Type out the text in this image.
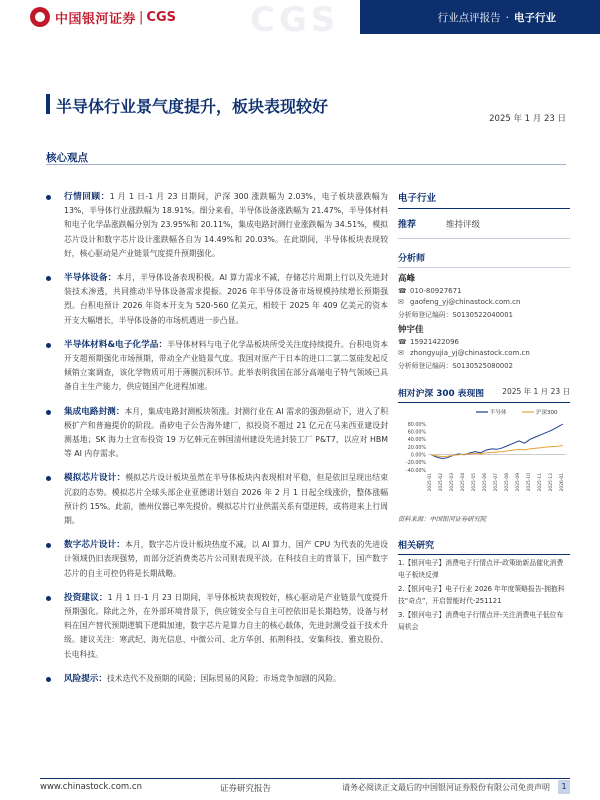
CGS
中国银河证券 | CGS	行业点评报告 · 电子行业
半导体行业景气度提升，板块表现较好
2025 年 1 月 23 日
核心观点
行情回顾：1 月 1 日-1 月 23 日期间，沪深 300 涨跌幅为 2.03%，电子板块涨跌幅为 13%，半导体行业涨跌幅为 18.91%。细分来看，半导体设备涨跌幅为 21.47%，半导体材料和电子化学品涨跌幅分别为 23.95%和 20.11%，集成电路封测行业涨跌幅为 34.51%，模拟芯片设计和数字芯片设计涨跌幅各自为 14.49%和 20.03%。在此期间，半导体板块表现较好，核心驱动是产业链景气度提升预期强化。
半导体设备：本月，半导体设备表现积极。AI 算力需求不减，存储芯片周期上行以及先进封装技术渗透，共同推动半导体设备需求提振。2026 年半导体设备市场规模持续增长预期强烈。台积电预计 2026 年资本开支为 520-560 亿美元，相较于 2025 年 409 亿美元的资本开支大幅增长，半导体设备的市场机遇进一步凸显。
半导体材料&电子化学品：半导体材料与电子化学品板块所受关注度持续提升。台积电资本开支超预期强化市场预期，带动全产业链景气度。我国对原产于日本的进口二氯二氢硅发起反倾销立案调查，该化学物质可用于薄膜沉积环节。此举表明我国在部分高端电子特气领域已具备自主生产能力，供应链国产化进程加速。
集成电路封测：本月，集成电路封测板块领涨。封测行业在 AI 需求的强劲驱动下，进入了积极扩产和普遍提价的阶段。甬矽电子公告海外建厂，拟投资不超过 21 亿元在马来西亚建设封测基地；SK 海力士宣布投资 19 万亿韩元在韩国清州建设先进封装工厂 P&T7，以应对 HBM 等 AI 内存需求。
模拟芯片设计：模拟芯片设计板块虽然在半导体板块内表现相对平稳，但是依旧呈现出结束沉寂的态势。模拟芯片全球头部企业亚德诺计划自 2026 年 2 月 1 日起全线涨价，整体涨幅预计约 15%。此前，德州仪器已率先提价。模拟芯片行业供需关系有望逆转，或将迎来上行周期。
数字芯片设计：本月，数字芯片设计板块热度不减。以 AI 算力、国产 CPU 为代表的先进设计领域仍旧表现强势，而部分泛消费类芯片公司则表现平淡。在科技自主的背景下，国产数字芯片的自主可控仍将是长期战略。
投资建议：1 月 1 日-1 月 23 日期间，半导体板块表现较好，核心驱动是产业链景气度提升预期强化。除此之外，在外部环境背景下，供应链安全与自主可控依旧是长期趋势，设备与材料在国产替代预期逻辑下逻辑加速，数字芯片是算力自主的核心载体，先进封测受益于技术升级。建议关注：寒武纪、海光信息、中微公司、北方华创、拓荆科技、安集科技、雅克股份、长电科技。
风险提示：技术迭代不及预期的风险；国际贸易的风险；市场竞争加剧的风险。
电子行业
推荐	维持评级
分析师
高峰
☎ 010-80927671
✉ gaofeng_yj@chinastock.com.cn
分析师登记编码：S0130522040001
钟宇佳
☎ 15921422096
✉ zhongyujia_yj@chinastock.com.cn
分析师登记编码：S0130525080002
相对沪深 300 表现图 2025 年 1 月 23 日
半导体	沪深300
80.00%
60.00%
40.00%
20.00%
0.00%
-20.00%
-40.00%
2025-01 2025-02 2025-03 2025-04 2025-05 2025-06 2025-07 2025-08 2025-09 2025-10 2025-11 2025-12 2026-01
资料来源：中国银河证券研究院
相关研究
1.【银河电子】消费电子行情点评-政策助新品催化消费电子板块反弹
2.【银河电子】电子行业 2026 年年度策略报告-拥抱科技“奇点”，开启智能时代-251121
3.【银河电子】消费电子行情点评-关注消费电子低位布局机会
www.chinastock.com.cn	证券研究报告	请务必阅读正文最后的中国银河证券股份有限公司免责声明	1
